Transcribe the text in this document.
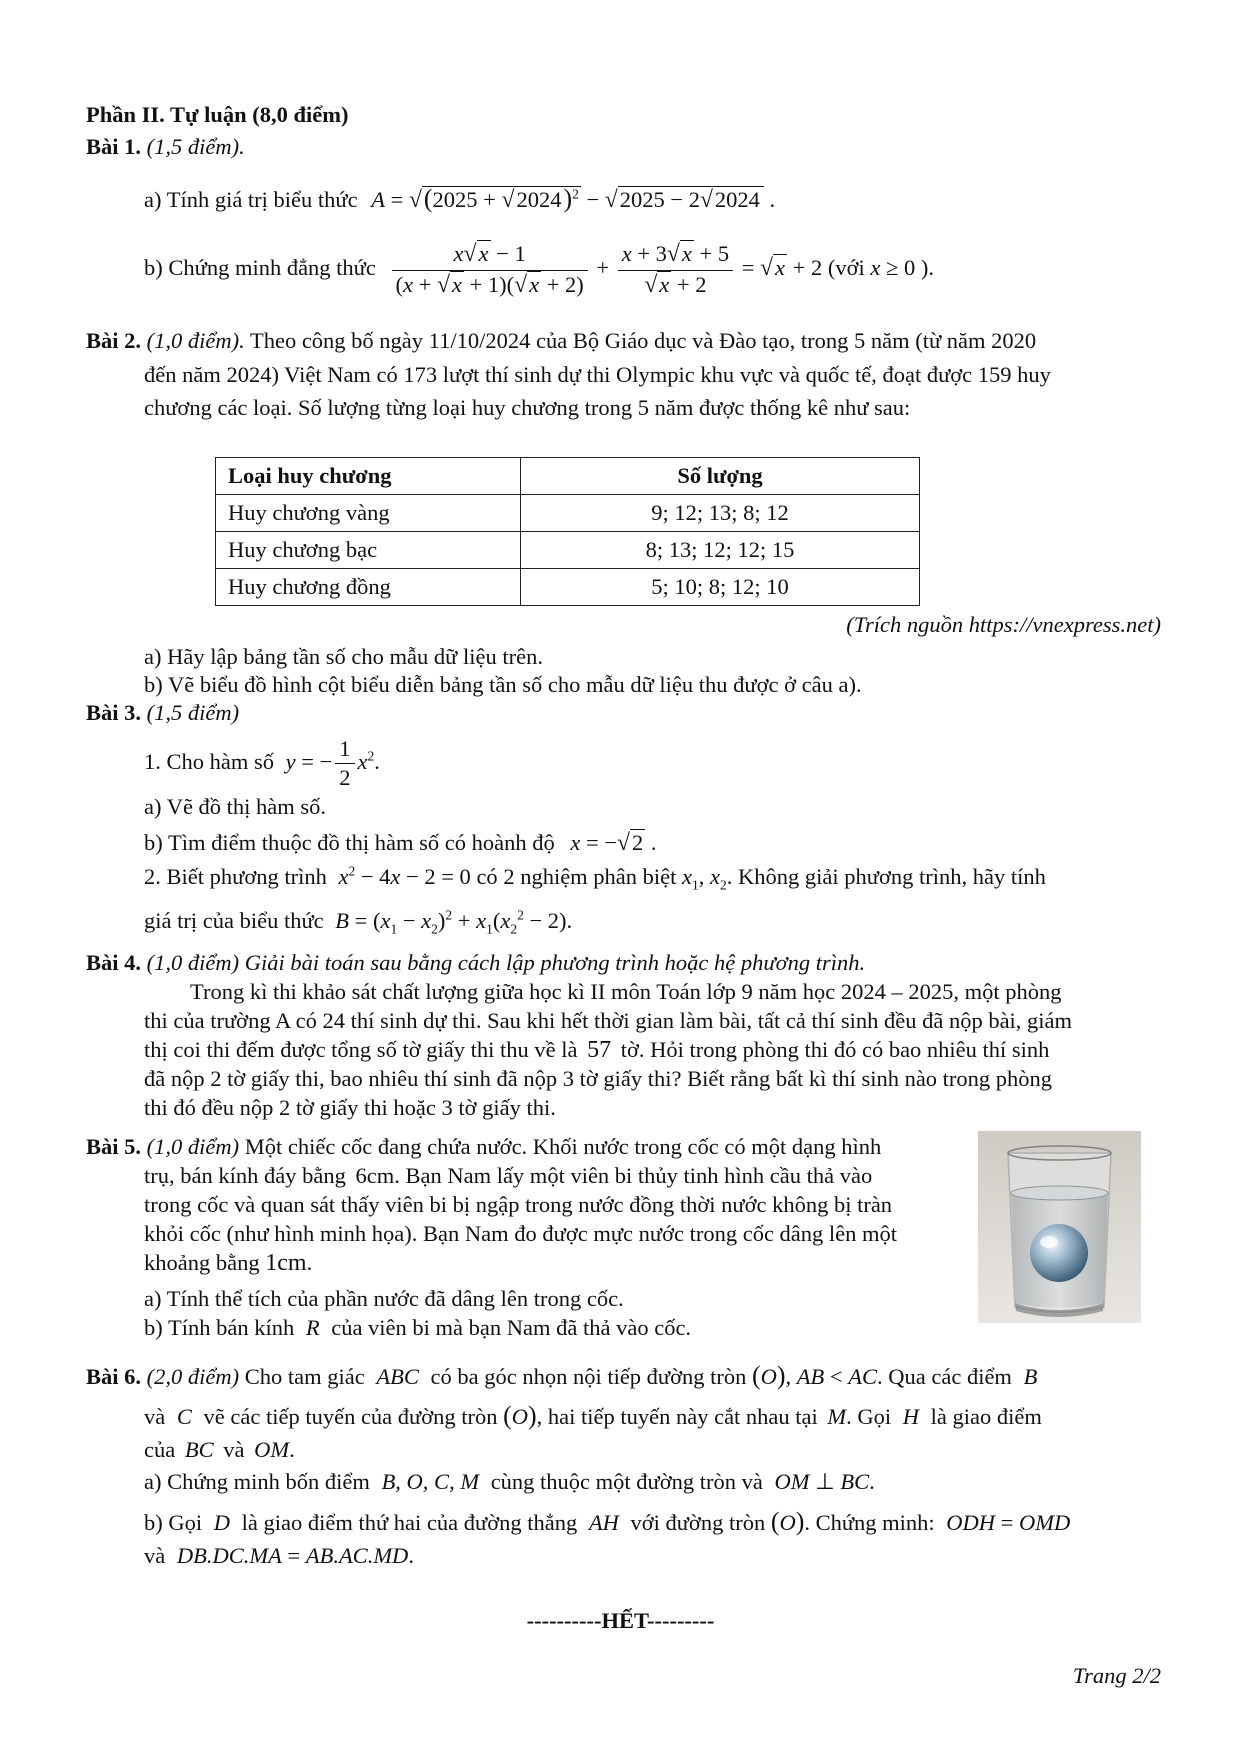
Phần II. Tự luận (8,0 điểm)
Bài 1. (1,5 điểm).
a) Tính giá trị biểu thức $A = √(2025 + √2024)^2 - √2025 - 2√2024$ .
b) Chứng minh đẳng thức $\frac{x√x - 1}{(x + √x + 1)(√x + 2)} + \frac{x + 3√x + 5}{√x + 2} = √x + 2$ (với x ≥ 0 ).
Bài 2. (1,0 điểm). Theo công bố ngày 11/10/2024 của Bộ Giáo dục và Đào tạo, trong 5 năm (từ năm 2020
đến năm 2024) Việt Nam có 173 lượt thí sinh dự thi Olympic khu vực và quốc tế, đoạt được 159 huy
chương các loại. Số lượng từng loại huy chương trong 5 năm được thống kê như sau:
Loại huy chương	Số lượng
Huy chương vàng	9; 12; 13; 8; 12
Huy chương bạc	8; 13; 12; 12; 15
Huy chương đồng	5; 10; 8; 12; 10
(Trích nguồn https://vnexpress.net)
a) Hãy lập bảng tần số cho mẫu dữ liệu trên.
b) Vẽ biểu đồ hình cột biểu diễn bảng tần số cho mẫu dữ liệu thu được ở câu a).
Bài 3. (1,5 điểm)
1. Cho hàm số y = − $\frac{1}{2} x^2$.
a) Vẽ đồ thị hàm số.
b) Tìm điểm thuộc đồ thị hàm số có hoành độ x = −√2 .
2. Biết phương trình $x^2 - 4x - 2 = 0$ có 2 nghiệm phân biệt $x_1$, $x_2$. Không giải phương trình, hãy tính
giá trị của biểu thức $B = (x_1 - x_2)^2 + x_1(x_2^2 - 2)$.
Bài 4. (1,0 điểm) Giải bài toán sau bằng cách lập phương trình hoặc hệ phương trình.
Trong kì thi khảo sát chất lượng giữa học kì II môn Toán lớp 9 năm học 2024 – 2025, một phòng
thi của trường A có 24 thí sinh dự thi. Sau khi hết thời gian làm bài, tất cả thí sinh đều đã nộp bài, giám
thị coi thi đếm được tổng số tờ giấy thi thu về là 57 tờ. Hỏi trong phòng thi đó có bao nhiêu thí sinh
đã nộp 2 tờ giấy thi, bao nhiêu thí sinh đã nộp 3 tờ giấy thi? Biết rằng bất kì thí sinh nào trong phòng
thi đó đều nộp 2 tờ giấy thi hoặc 3 tờ giấy thi.
Bài 5. (1,0 điểm) Một chiếc cốc đang chứa nước. Khối nước trong cốc có một dạng hình
trụ, bán kính đáy bằng 6cm. Bạn Nam lấy một viên bi thủy tinh hình cầu thả vào
trong cốc và quan sát thấy viên bi bị ngập trong nước đồng thời nước không bị tràn
khỏi cốc (như hình minh họa). Bạn Nam đo được mực nước trong cốc dâng lên một
khoảng bằng 1cm.
a) Tính thể tích của phần nước đã dâng lên trong cốc.
b) Tính bán kính R của viên bi mà bạn Nam đã thả vào cốc.
Bài 6. (2,0 điểm) Cho tam giác ABC có ba góc nhọn nội tiếp đường tròn (O), AB < AC. Qua các điểm B
và C vẽ các tiếp tuyến của đường tròn (O), hai tiếp tuyến này cắt nhau tại M. Gọi H là giao điểm
của BC và OM.
a) Chứng minh bốn điểm B, O, C, M cùng thuộc một đường tròn và OM ⊥ BC.
b) Gọi D là giao điểm thứ hai của đường thẳng AH với đường tròn (O). Chứng minh: ODH = OMD
và DB.DC.MA = AB.AC.MD.
----------HẾT---------
Trang 2/2
